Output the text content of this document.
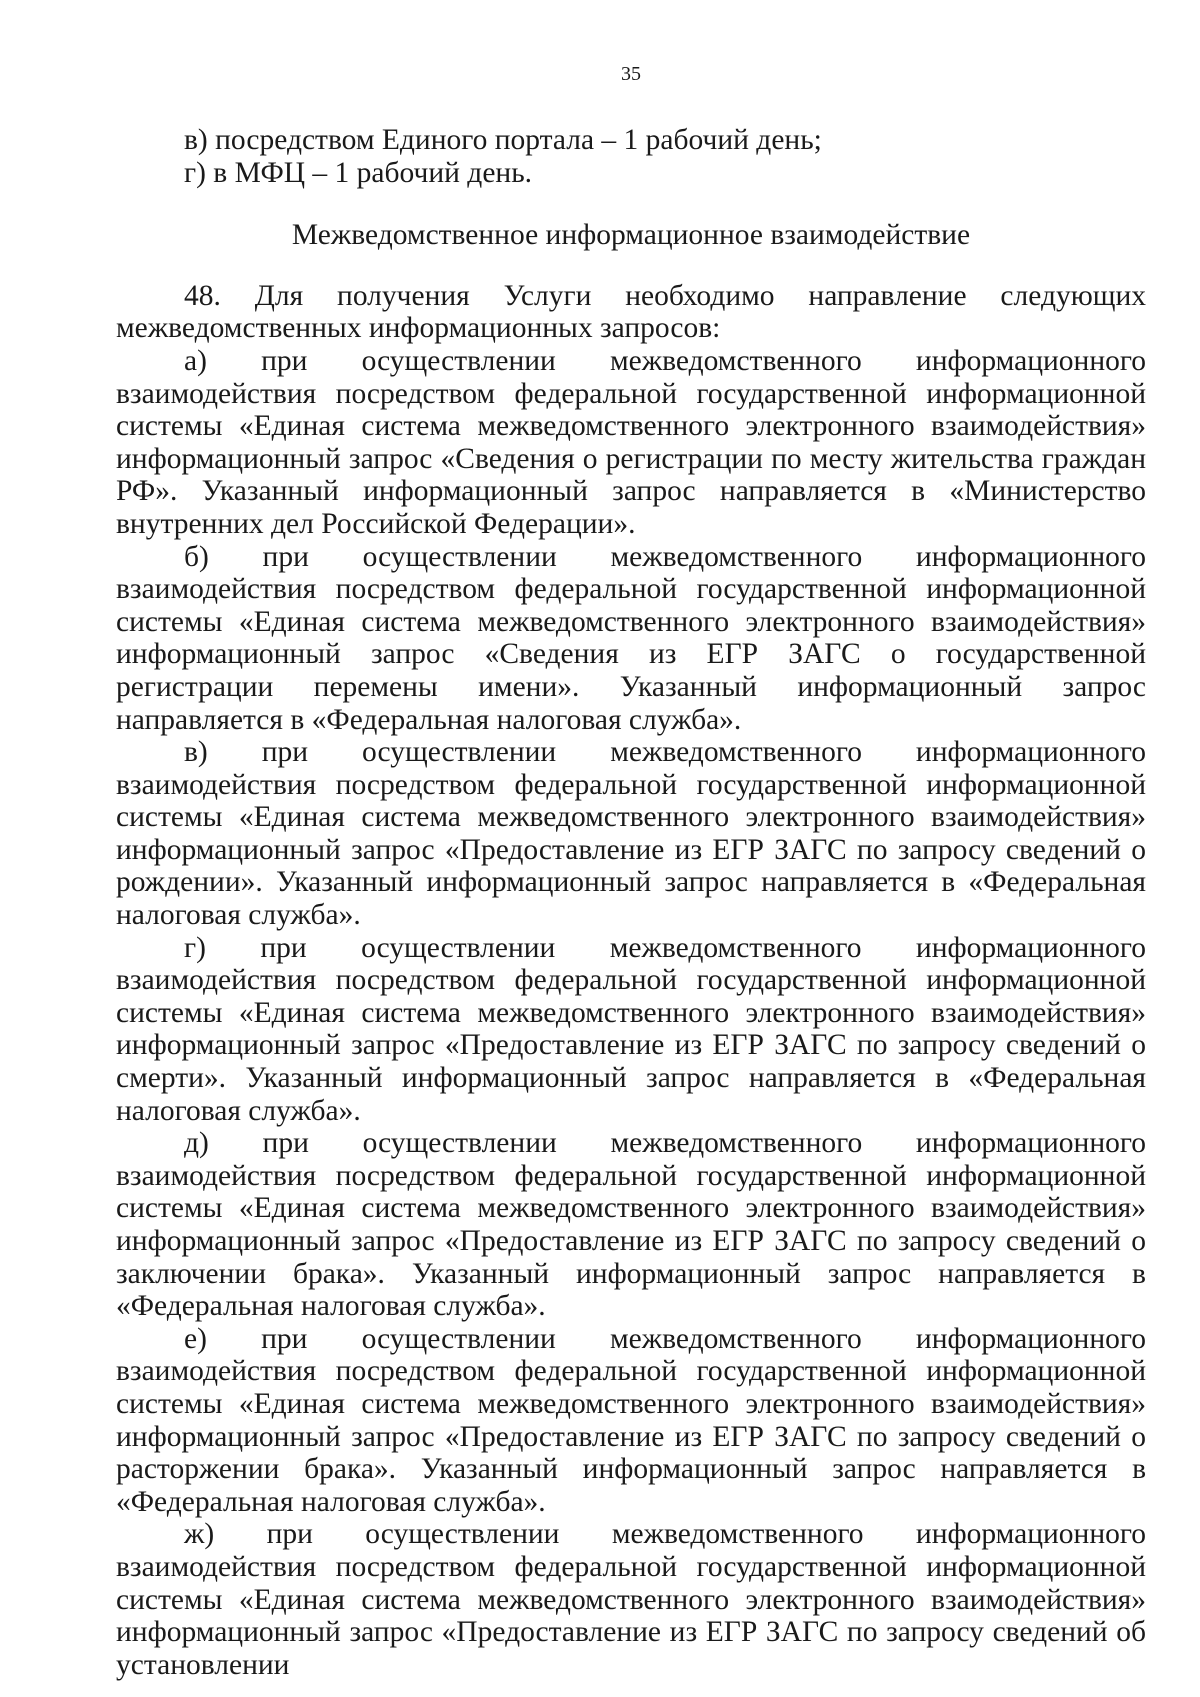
35
в) посредством Единого портала – 1 рабочий день;
г) в МФЦ – 1 рабочий день.
Межведомственное информационное взаимодействие

48. Для получения Услуги необходимо направление следующих межведомственных информационных запросов:

а) при осуществлении межведомственного информационного взаимодействия посредством федеральной государственной информационной системы «Единая система межведомственного электронного взаимодействия» информационный запрос «Сведения о регистрации по месту жительства граждан РФ». Указанный информационный запрос направляется в «Министерство внутренних дел Российской Федерации».

б) при осуществлении межведомственного информационного взаимодействия посредством федеральной государственной информационной системы «Единая система межведомственного электронного взаимодействия» информационный запрос «Сведения из ЕГР ЗАГС о государственной регистрации перемены имени». Указанный информационный запрос направляется в «Федеральная налоговая служба».

в) при осуществлении межведомственного информационного взаимодействия посредством федеральной государственной информационной системы «Единая система межведомственного электронного взаимодействия» информационный запрос «Предоставление из ЕГР ЗАГС по запросу сведений о рождении». Указанный информационный запрос направляется в «Федеральная налоговая служба».

г) при осуществлении межведомственного информационного взаимодействия посредством федеральной государственной информационной системы «Единая система межведомственного электронного взаимодействия» информационный запрос «Предоставление из ЕГР ЗАГС по запросу сведений о смерти». Указанный информационный запрос направляется в «Федеральная налоговая служба».

д) при осуществлении межведомственного информационного взаимодействия посредством федеральной государственной информационной системы «Единая система межведомственного электронного взаимодействия» информационный запрос «Предоставление из ЕГР ЗАГС по запросу сведений о заключении брака». Указанный информационный запрос направляется в «Федеральная налоговая служба».

е) при осуществлении межведомственного информационного взаимодействия посредством федеральной государственной информационной системы «Единая система межведомственного электронного взаимодействия» информационный запрос «Предоставление из ЕГР ЗАГС по запросу сведений о расторжении брака». Указанный информационный запрос направляется в «Федеральная налоговая служба».

ж) при осуществлении межведомственного информационного взаимодействия посредством федеральной государственной информационной системы «Единая система межведомственного электронного взаимодействия» информационный запрос «Предоставление из ЕГР ЗАГС по запросу сведений об установлении
